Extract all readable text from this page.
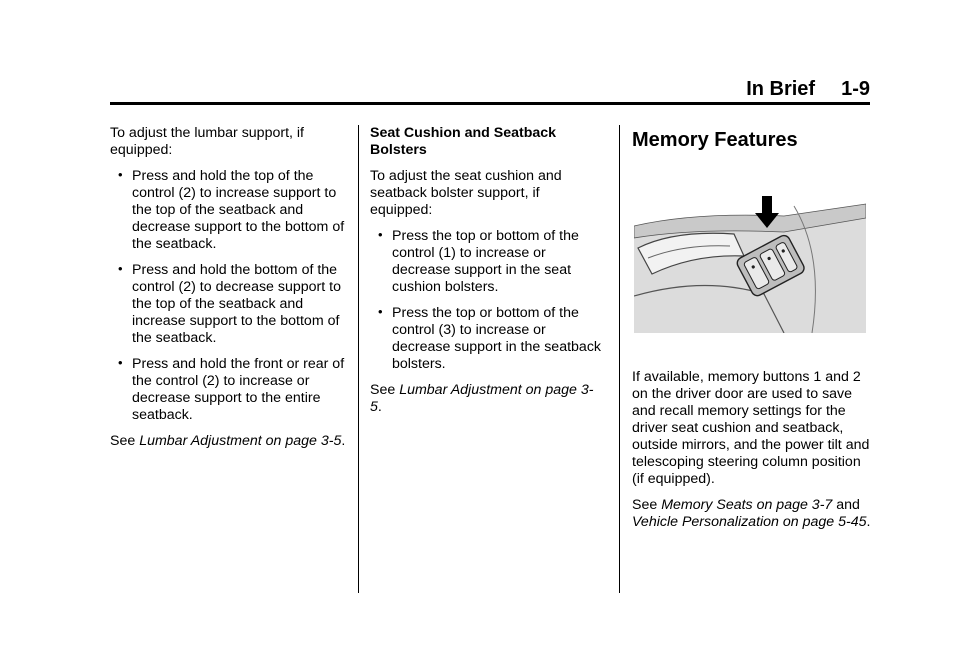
In Brief 1-9

To adjust the lumbar support, if equipped:

• Press and hold the top of the control (2) to increase support to the top of the seatback and decrease support to the bottom of the seatback.
• Press and hold the bottom of the control (2) to decrease support to the top of the seatback and increase support to the bottom of the seatback.
• Press and hold the front or rear of the control (2) to increase or decrease support to the entire seatback.

See Lumbar Adjustment on page 3-5.

Seat Cushion and Seatback Bolsters

To adjust the seat cushion and seatback bolster support, if equipped:

• Press the top or bottom of the control (1) to increase or decrease support in the seat cushion bolsters.
• Press the top or bottom of the control (3) to increase or decrease support in the seatback bolsters.

See Lumbar Adjustment on page 3-5.

Memory Features

If available, memory buttons 1 and 2 on the driver door are used to save and recall memory settings for the driver seat cushion and seatback, outside mirrors, and the power tilt and telescoping steering column position (if equipped).

See Memory Seats on page 3-7 and Vehicle Personalization on page 5-45.
